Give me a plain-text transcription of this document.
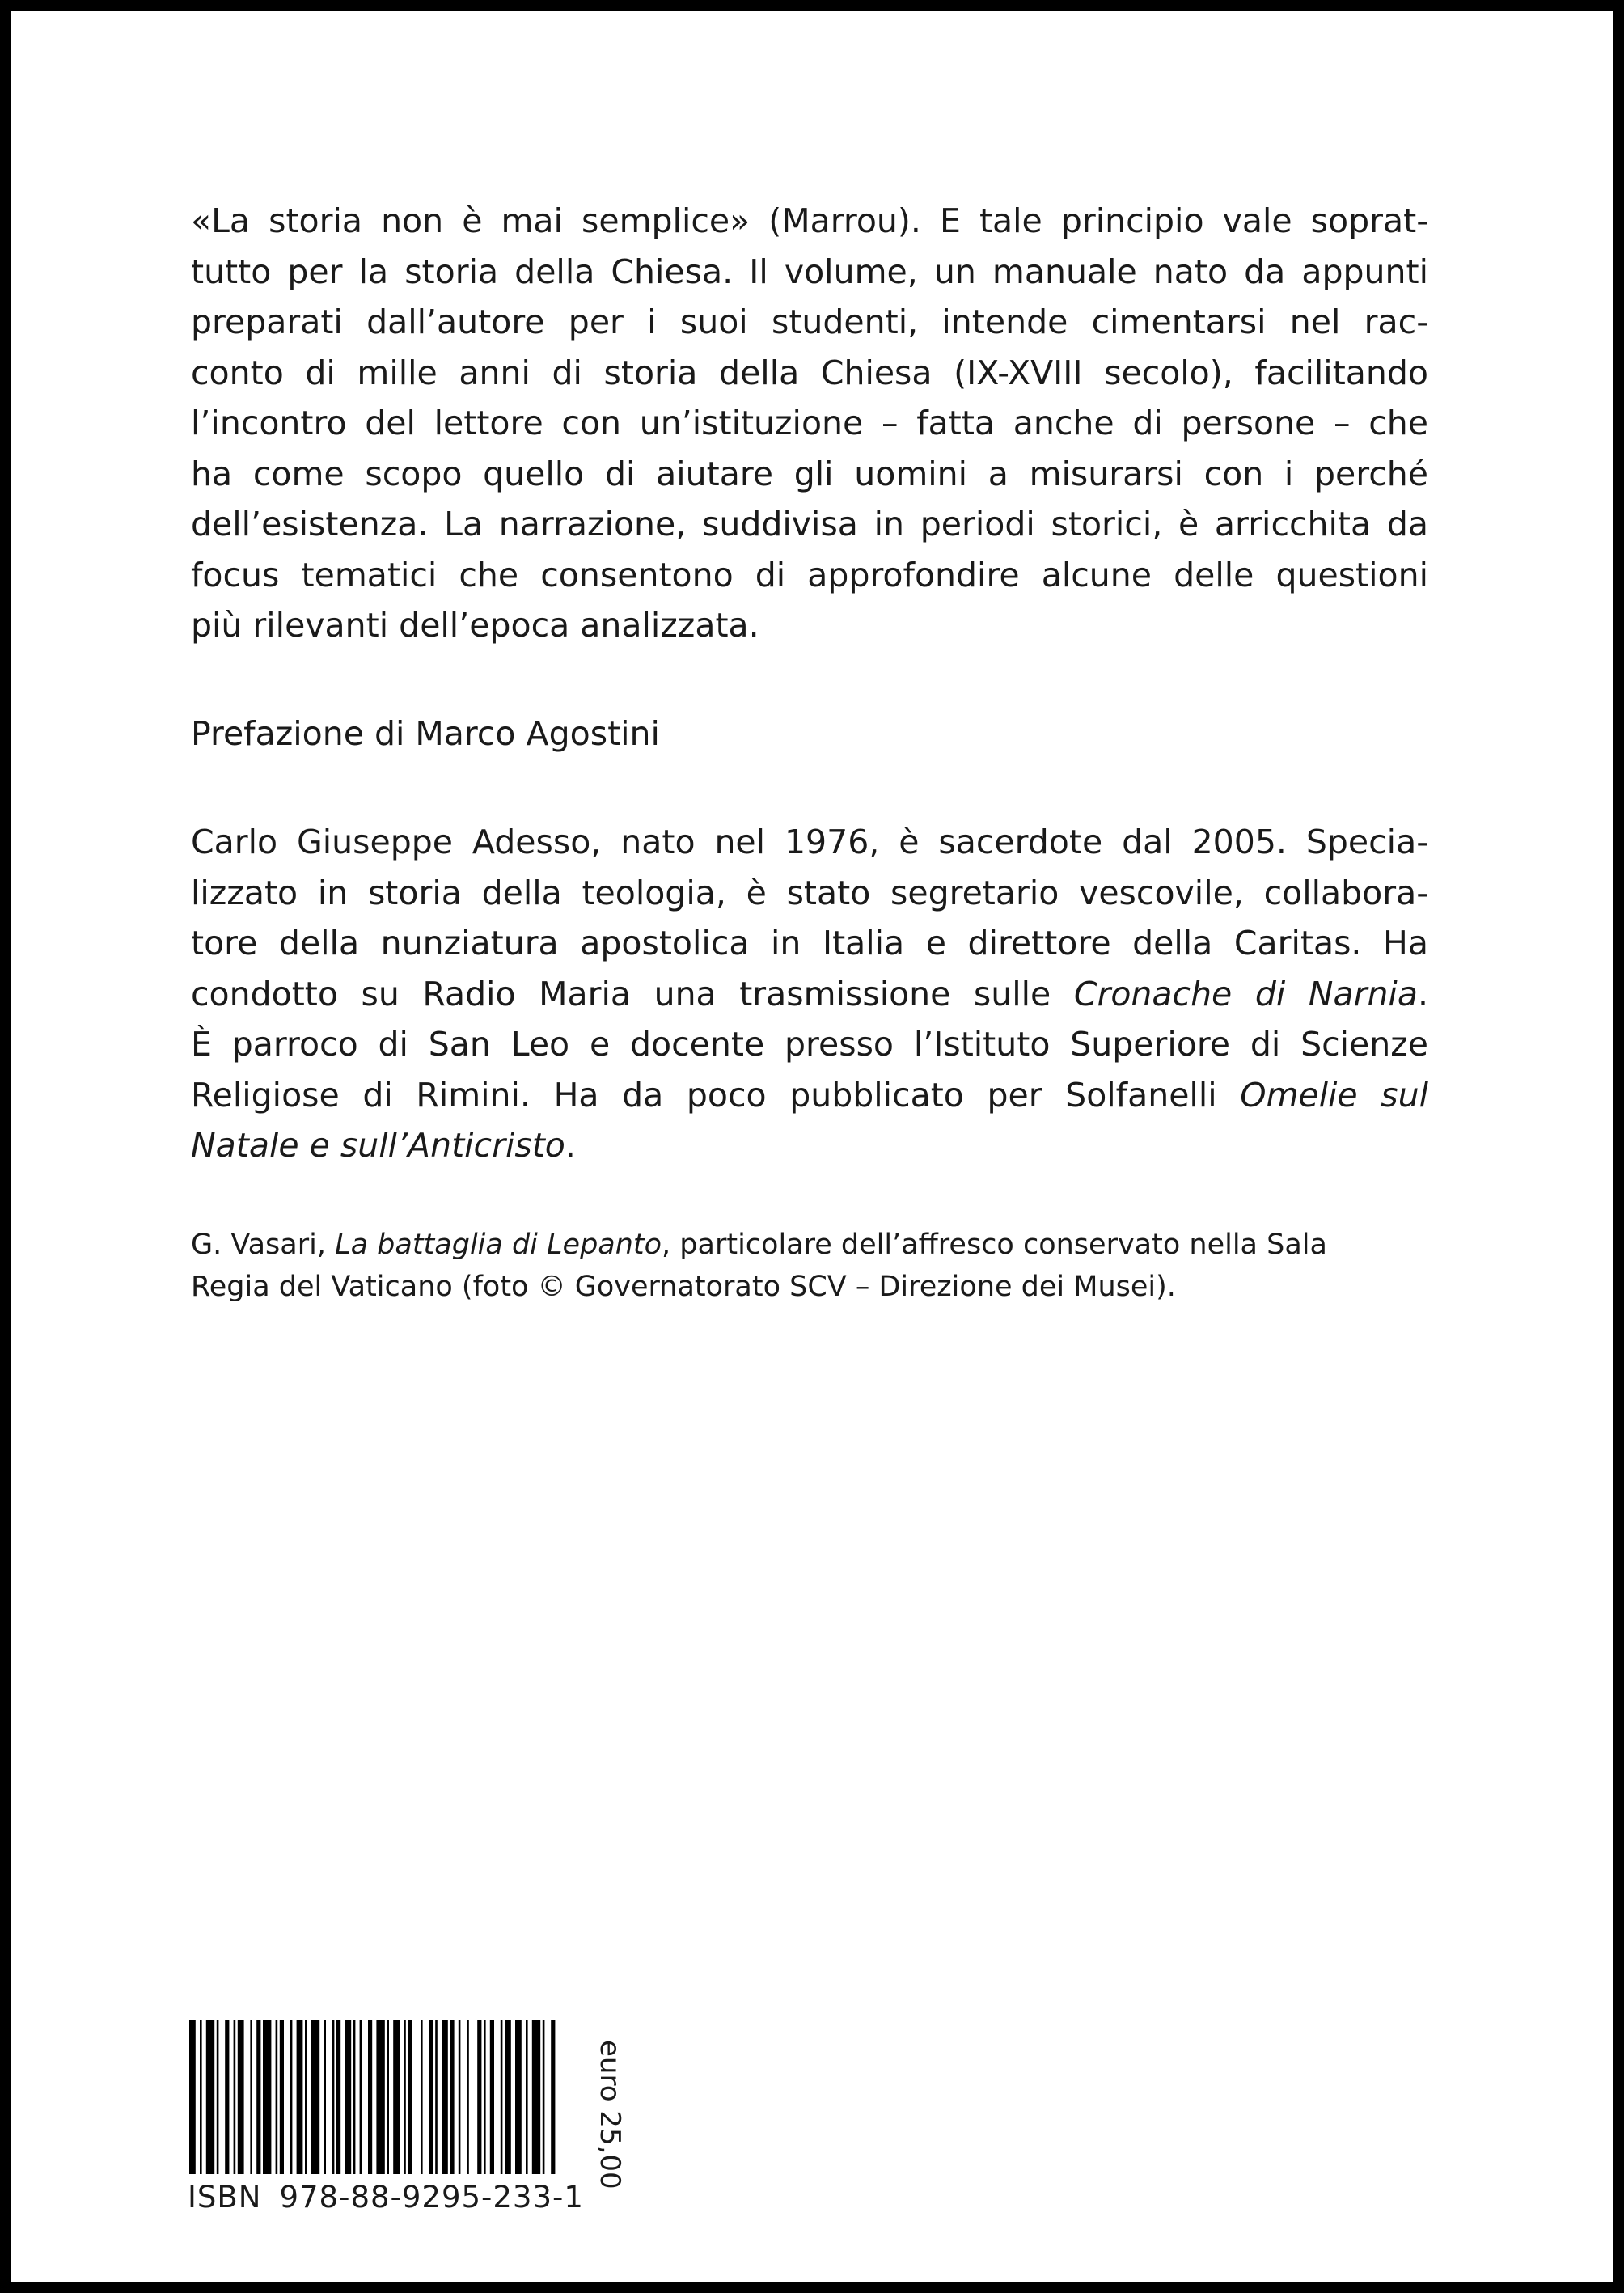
«La storia non è mai semplice» (Marrou). E tale principio vale soprat-
tutto per la storia della Chiesa. Il volume, un manuale nato da appunti
preparati dall’autore per i suoi studenti, intende cimentarsi nel rac-
conto di mille anni di storia della Chiesa (IX-XVIII secolo), facilitando
l’incontro del lettore con un’istituzione – fatta anche di persone – che
ha come scopo quello di aiutare gli uomini a misurarsi con i perché
dell’esistenza. La narrazione, suddivisa in periodi storici, è arricchita da
focus tematici che consentono di approfondire alcune delle questioni
più rilevanti dell’epoca analizzata.
Prefazione di Marco Agostini
Carlo Giuseppe Adesso, nato nel 1976, è sacerdote dal 2005. Specia-
lizzato in storia della teologia, è stato segretario vescovile, collabora-
tore della nunziatura apostolica in Italia e direttore della Caritas. Ha
condotto su Radio Maria una trasmissione sulle Cronache di Narnia.
È parroco di San Leo e docente presso l’Istituto Superiore di Scienze
Religiose di Rimini. Ha da poco pubblicato per Solfanelli Omelie sul
Natale e sull’Anticristo.
G. Vasari, La battaglia di Lepanto, particolare dell’affresco conservato nella Sala
Regia del Vaticano (foto © Governatorato SCV – Direzione dei Musei).
ISBN 978-88-9295-233-1
euro 25,00
